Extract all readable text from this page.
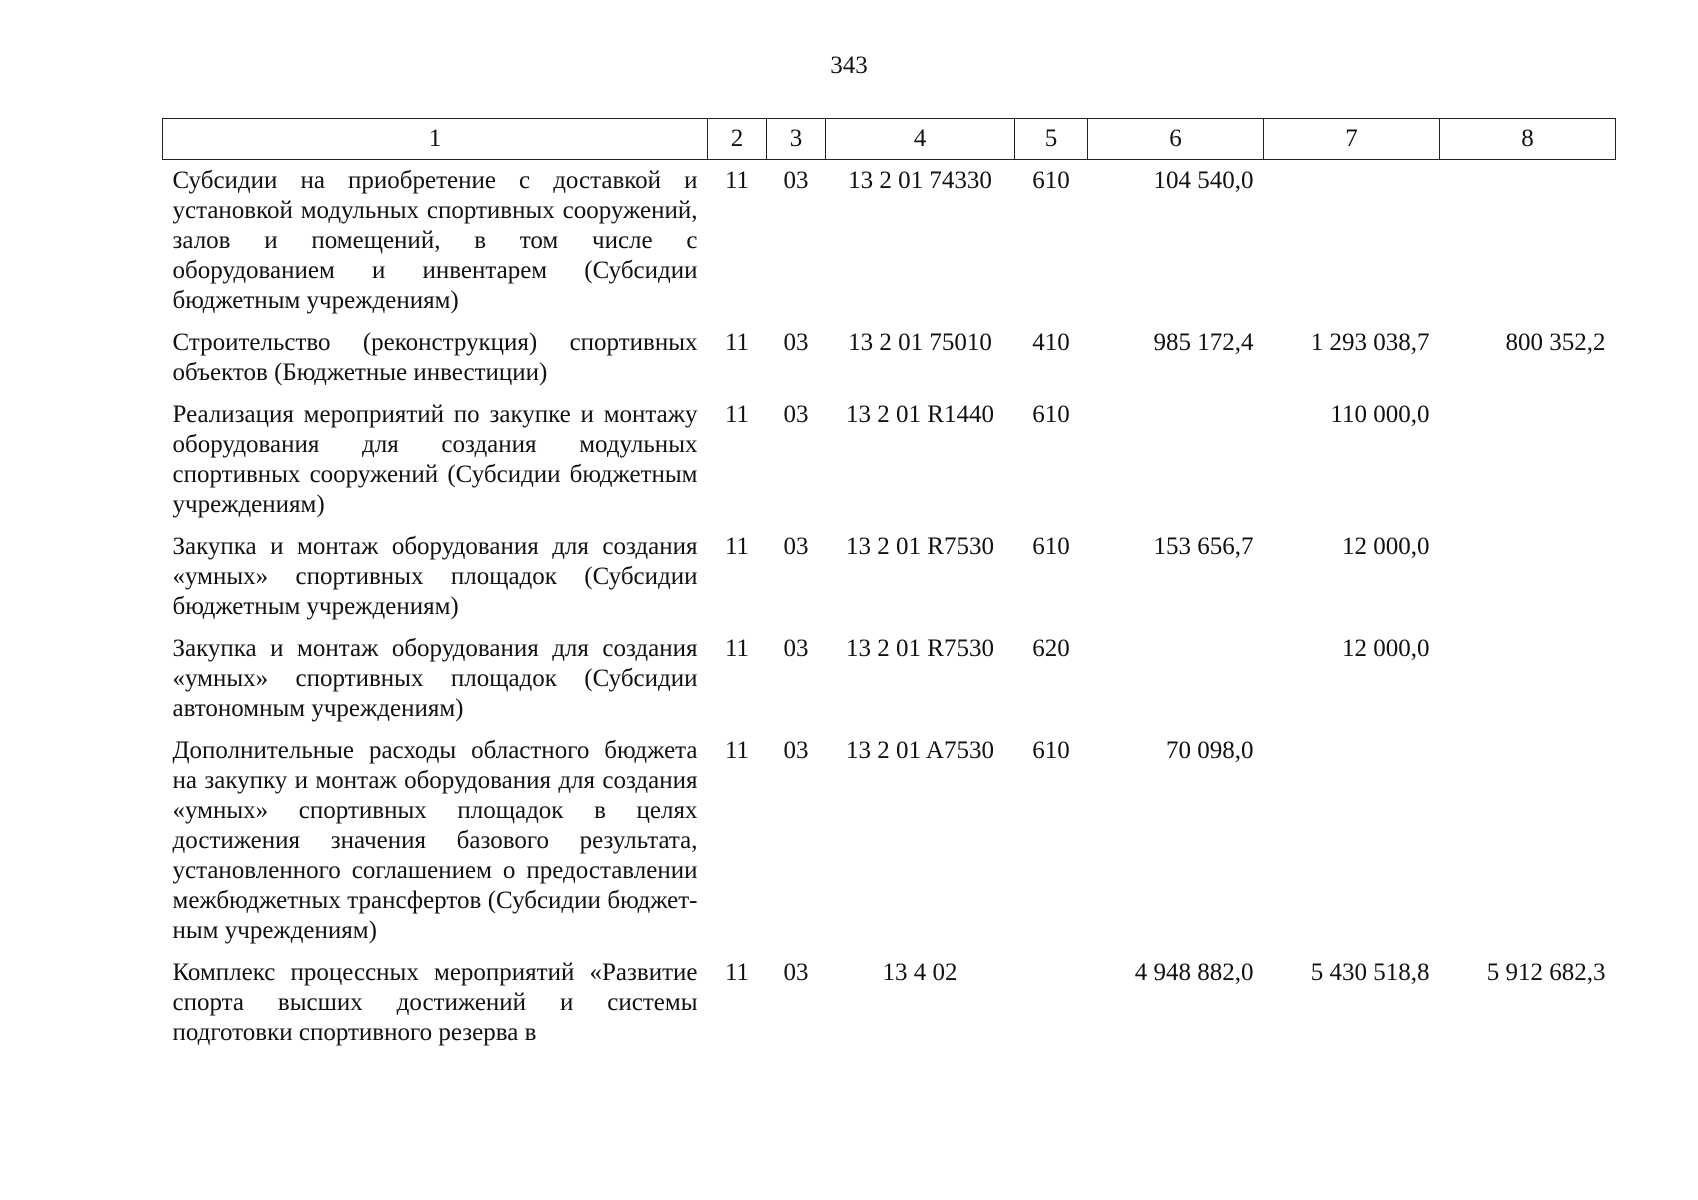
343
1	2	3	4	5	6	7	8
Субсидии на приобретение с доставкой и установкой модульных спортивных сооружений, залов и помещений, в том числе с оборудованием и инвентарем (Субсидии бюджетным учреждениям)	11	03	13 2 01 74330	610	104 540,0		
Строительство (реконструкция) спортивных объектов (Бюджетные инвестиции)	11	03	13 2 01 75010	410	985 172,4	1 293 038,7	800 352,2
Реализация мероприятий по закупке и монтажу оборудования для создания модульных спортивных сооружений (Субсидии бюджетным учреждениям)	11	03	13 2 01 R1440	610		110 000,0	
Закупка и монтаж оборудования для создания «умных» спортивных площадок (Субсидии бюджетным учреждениям)	11	03	13 2 01 R7530	610	153 656,7	12 000,0	
Закупка и монтаж оборудования для создания «умных» спортивных площадок (Субсидии автономным учреждениям)	11	03	13 2 01 R7530	620		12 000,0	
Дополнительные расходы областного бюджета на закупку и монтаж оборудования для создания «умных» спортивных площадок в целях достижения значения базового результата, установленного соглашением о предоставлении межбюджетных трансфертов (Субсидии бюджетным учреждениям)	11	03	13 2 01 A7530	610	70 098,0		
Комплекс процессных мероприятий «Развитие спорта высших достижений и системы подготовки спортивного резерва в	11	03	13 4 02		4 948 882,0	5 430 518,8	5 912 682,3
